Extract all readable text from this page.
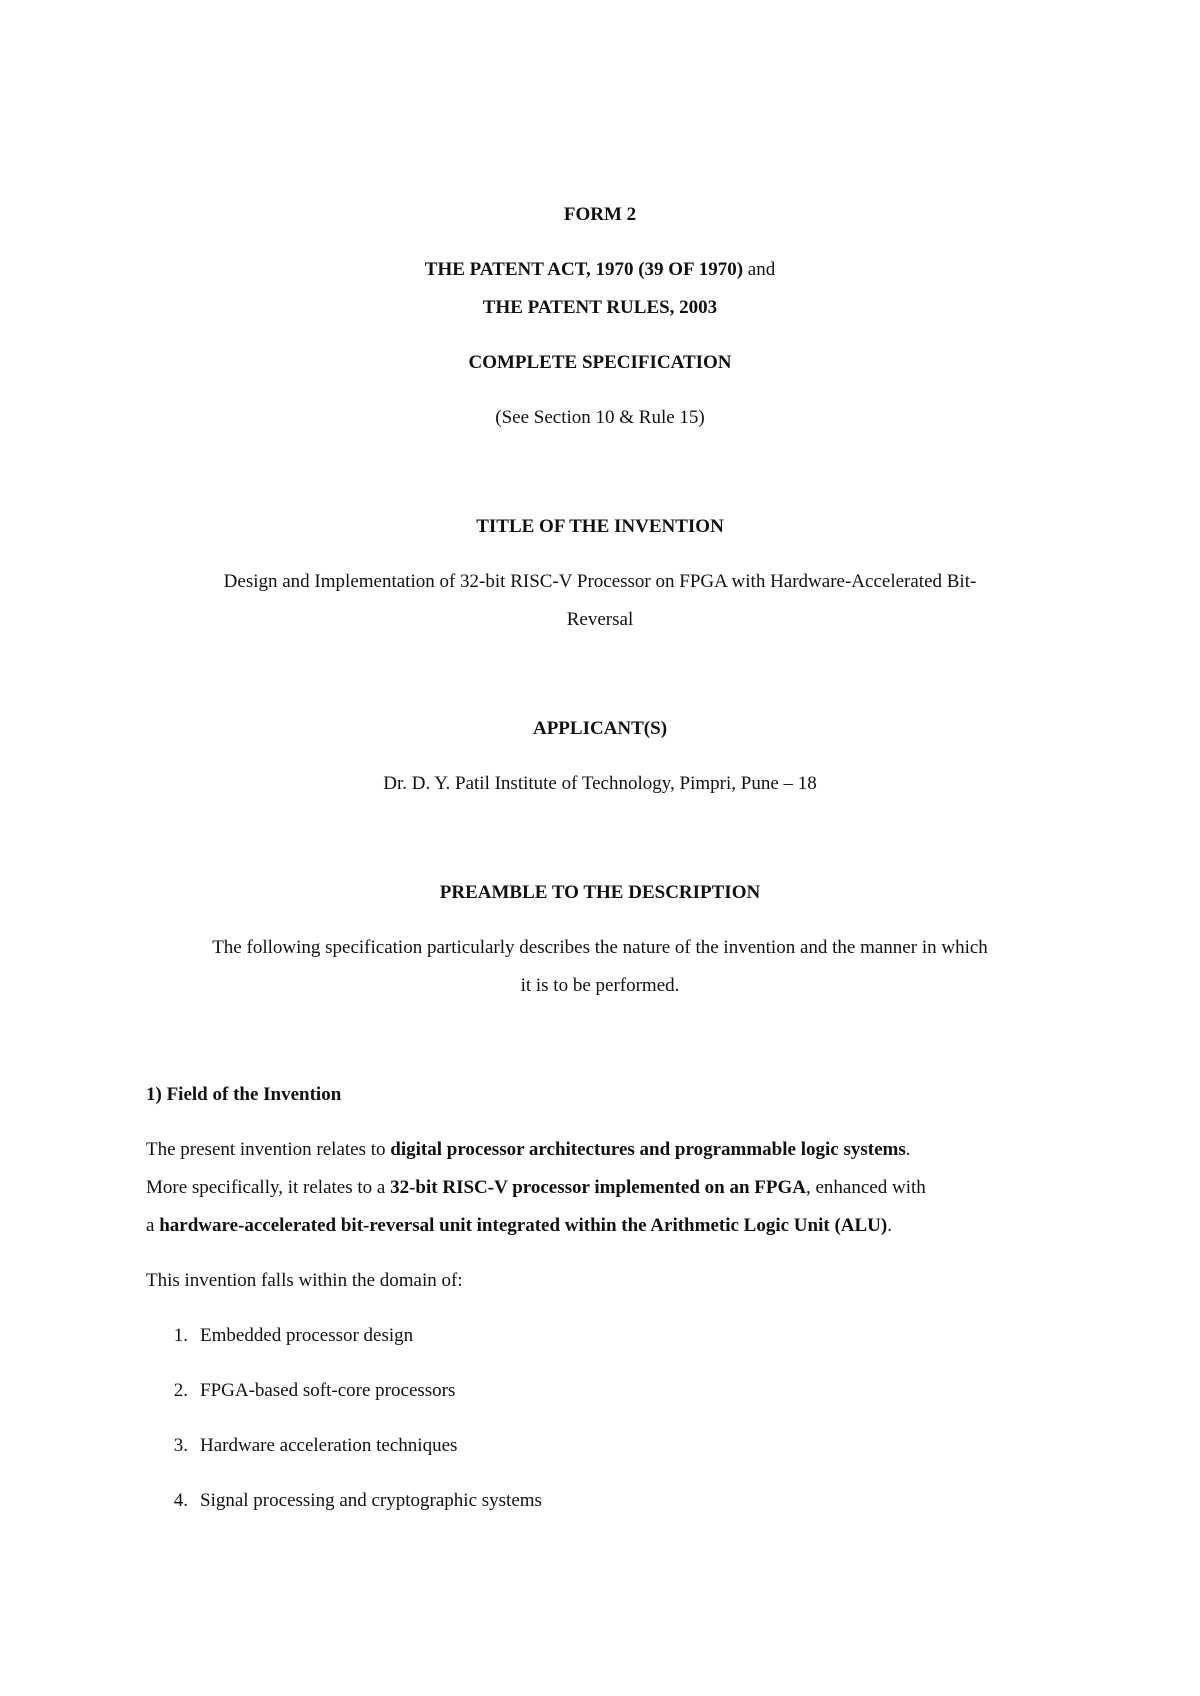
FORM 2

THE PATENT ACT, 1970 (39 OF 1970) and

THE PATENT RULES, 2003

COMPLETE SPECIFICATION

(See Section 10 & Rule 15)

TITLE OF THE INVENTION

Design and Implementation of 32-bit RISC-V Processor on FPGA with Hardware-Accelerated Bit-

Reversal

APPLICANT(S)

Dr. D. Y. Patil Institute of Technology, Pimpri, Pune – 18

PREAMBLE TO THE DESCRIPTION

The following specification particularly describes the nature of the invention and the manner in which

it is to be performed.

1) Field of the Invention

The present invention relates to digital processor architectures and programmable logic systems.

More specifically, it relates to a 32-bit RISC-V processor implemented on an FPGA, enhanced with

a hardware-accelerated bit-reversal unit integrated within the Arithmetic Logic Unit (ALU).

This invention falls within the domain of:

1. Embedded processor design

2. FPGA-based soft-core processors

3. Hardware acceleration techniques

4. Signal processing and cryptographic systems
